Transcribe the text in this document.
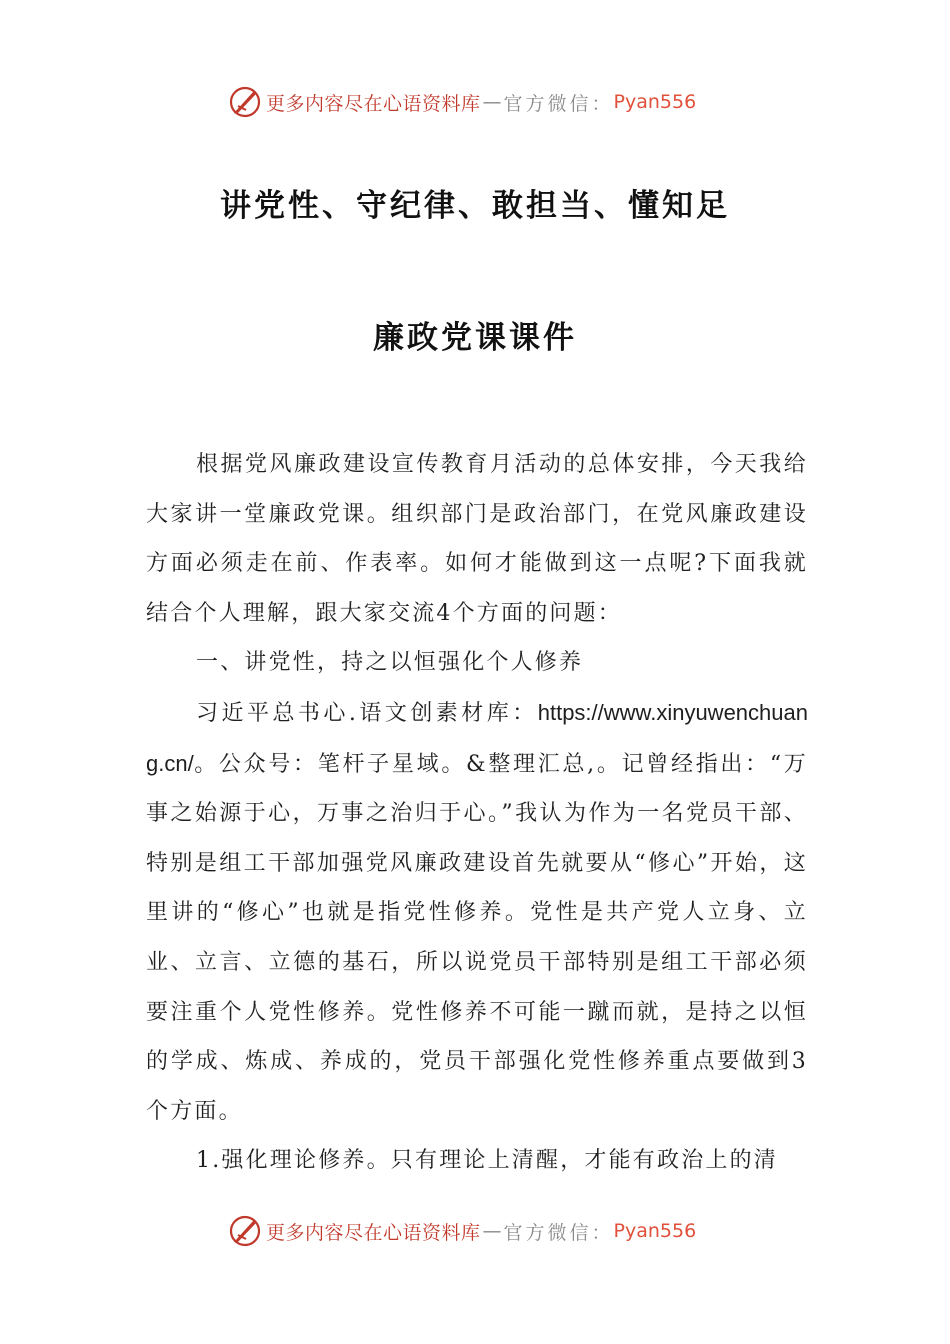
更多内容尽在心语资料库 — 官方微信： Pyan556
讲党性、守纪律、敢担当、懂知足
廉政党课课件

根据党风廉政建设宣传教育月活动的总体安排，今天我给大家讲一堂廉政党课。组织部门是政治部门，在党风廉政建设方面必须走在前、作表率。如何才能做到这一点呢?下面我就结合个人理解，跟大家交流4个方面的问题：

一、讲党性，持之以恒强化个人修养

习近平总书心.语文创素材库：https://www.xinyuwenchuang.cn/。公众号：笔杆子星域。&整理汇总,。记曾经指出：“万事之始源于心，万事之治归于心。”我认为作为一名党员干部、特别是组工干部加强党风廉政建设首先就要从“修心”开始，这里讲的“修心”也就是指党性修养。党性是共产党人立身、立业、立言、立德的基石，所以说党员干部特别是组工干部必须要注重个人党性修养。党性修养不可能一蹴而就，是持之以恒的学成、炼成、养成的，党员干部强化党性修养重点要做到3个方面。

1.强化理论修养。只有理论上清醒，才能有政治上的清

更多内容尽在心语资料库 — 官方微信： Pyan556
